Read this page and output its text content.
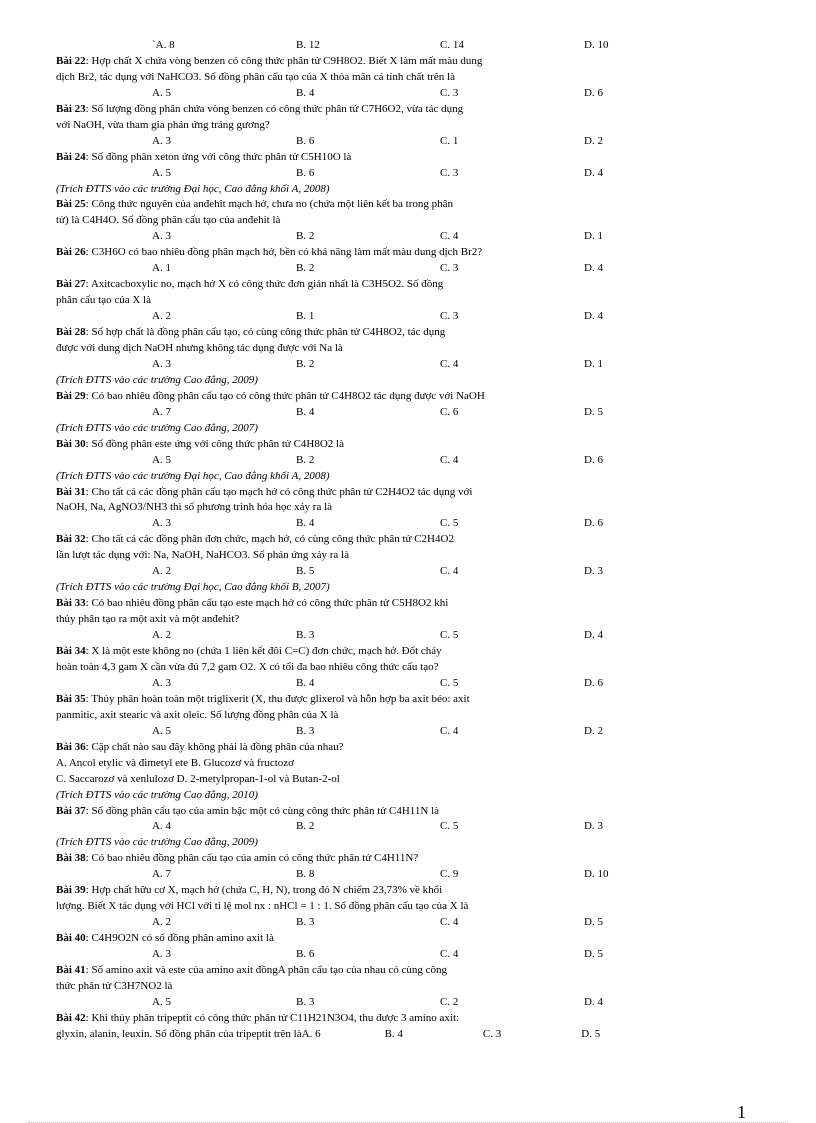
`A. 8	B. 12	C. 14	D. 10
Bài 22: Hợp chất X chứa vòng benzen có công thức phân tử C9H8O2. Biết X làm mất màu dung
dịch Br2, tác dụng với NaHCO3. Số đồng phân cấu tạo của X thỏa mãn cá tính chất trên là
A. 5	B. 4	C. 3	D. 6
Bài 23: Số lượng đồng phân chứa vòng benzen có công thức phân tử C7H6O2, vừa tác dụng
với NaOH, vừa tham gia phản ứng tráng gương?
A. 3	B. 6	C. 1	D. 2
Bài 24: Số đồng phân xeton ứng với công thức phân tử C5H10O là
A. 5	B. 6	C. 3	D. 4
(Trích ĐTTS vào các trường Đại học, Cao đẳng khối A, 2008)
Bài 25: Công thức nguyên của anđehit mạch hở, chưa no (chứa một liên kết ba trong phân
tử) là C4H4O. Số đồng phân cấu tạo của anđehit là
A. 3	B. 2	C. 4	D. 1
Bài 26: C3H6O có bao nhiêu đồng phân mạch hở, bền có khả năng làm mất màu dung dịch Br2?
A. 1	B. 2	C. 3	D. 4
Bài 27: Axitcacboxylic no, mạch hở X có công thức đơn giản nhất là C3H5O2. Số đồng
phân cấu tạo của X là
A. 2	B. 1	C. 3	D. 4
Bài 28: Số hợp chất là đồng phân cấu tạo, có cùng công thức phân tử C4H8O2, tác dụng
được với dung dịch NaOH nhưng không tác dụng được với Na là
A. 3	B. 2	C. 4	D. 1
(Trích ĐTTS vào các trường Cao đẳng, 2009)
Bài 29: Có bao nhiêu đồng phân cấu tạo có công thức phân tử C4H8O2 tác dụng được với NaOH
A. 7	B. 4	C. 6	D. 5
(Trích ĐTTS vào các trường Cao đẳng, 2007)
Bài 30: Số đồng phân este ứng với công thức phân tử C4H8O2 là
A. 5	B. 2	C. 4	D. 6
(Trích ĐTTS vào các trường Đại học, Cao đẳng khối A, 2008)
Bài 31: Cho tất cả các đồng phân cấu tạo mạch hở có công thức phân tử C2H4O2 tác dụng với
NaOH, Na, AgNO3/NH3 thì số phương trình hóa học xảy ra là
A. 3	B. 4	C. 5	D. 6
Bài 32: Cho tất cả các đồng phân đơn chức, mạch hở, có cùng công thức phân tử C2H4O2
lần lượt tác dụng với: Na, NaOH, NaHCO3. Số phản ứng xảy ra là
A. 2	B. 5	C. 4	D. 3
(Trích ĐTTS vào các trường Đại học, Cao đẳng khối B, 2007)
Bài 33: Có bao nhiêu đồng phân cấu tạo este mạch hở có công thức phân tử C5H8O2 khi
thủy phân tạo ra một axit và một anđehit?
A. 2	B. 3	C. 5	D. 4
Bài 34: X là một este không no (chứa 1 liên kết đôi C=C) đơn chức, mạch hở. Đốt cháy
hoàn toàn 4,3 gam X cần vừa đủ 7,2 gam O2. X có tối đa bao nhiêu công thức cấu tạo?
A. 3	B. 4	C. 5	D. 6
Bài 35: Thủy phân hoàn toàn một triglixerit (X, thu được glixerol và hỗn hợp ba axit béo: axit
panmitic, axit stearic và axit oleic. Số lượng đồng phân của X là
A. 5	B. 3	C. 4	D. 2
Bài 36: Cặp chất nào sau đây không phải là đồng phân của nhau?
A. Ancol etylic và đimetyl ete B. Glucozơ và fructozơ
C. Saccarozơ và xenlulozơ D. 2-metylpropan-1-ol và Butan-2-ol
(Trích ĐTTS vào các trường Cao đẳng, 2010)
Bài 37: Số đồng phân cấu tạo của amin bậc một có cùng công thức phân tử C4H11N là
A. 4	B. 2	C. 5	D. 3
(Trích ĐTTS vào các trường Cao đẳng, 2009)
Bài 38: Có bao nhiêu đồng phân cấu tạo của amin có công thức phân tử C4H11N?
A. 7	B. 8	C. 9	D. 10
Bài 39: Hợp chất hữu cơ X, mạch hở (chứa C, H, N), trong đó N chiếm 23,73% về khối
lượng. Biết X tác dụng với HCl với tỉ lệ mol nx : nHCl = 1 : 1. Số đồng phân cấu tạo của X là
A. 2	B. 3	C. 4	D. 5
Bài 40: C4H9O2N có số đồng phân amino axit là
A. 3	B. 6	C. 4	D. 5
Bài 41: Số amino axit và este của amino axit đồngA phân cấu tạo của nhau có cùng công
thức phân tử C3H7NO2 là
A. 5	B. 3	C. 2	D. 4
Bài 42: Khi thủy phân tripeptit có công thức phân tử C11H21N3O4, thu được 3 amino axit:
glyxin, alanin, leuxin. Số đồng phân của tripeptit trên làA. 6	B. 4	C. 3	D. 5
1
